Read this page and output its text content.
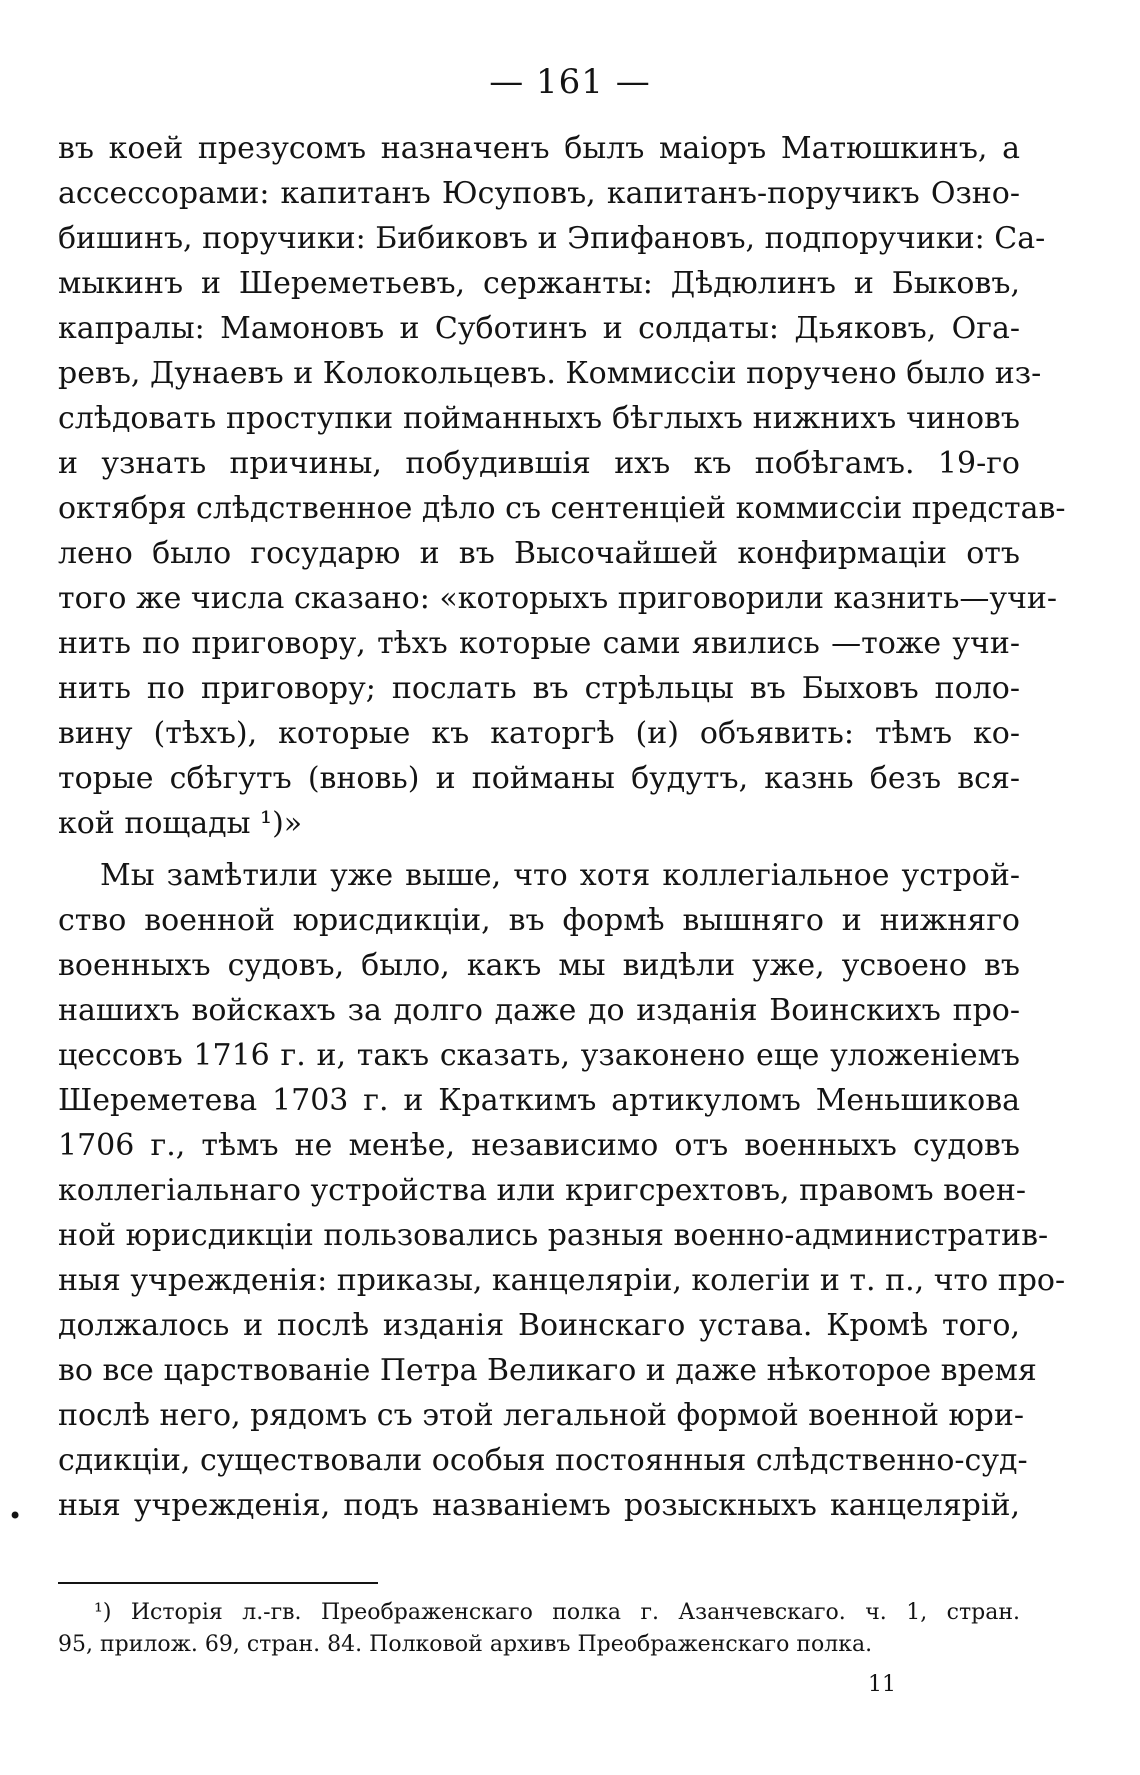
— 161 —
въ коей презусомъ назначенъ былъ маіоръ Матюшкинъ, а
ассессорами: капитанъ Юсуповъ, капитанъ-поручикъ Озно-
бишинъ, поручики: Бибиковъ и Эпифановъ, подпоручики: Са-
мыкинъ и Шереметьевъ, сержанты: Дѣдюлинъ и Быковъ,
капралы: Мамоновъ и Суботинъ и солдаты: Дьяковъ, Ога-
ревъ, Дунаевъ и Колокольцевъ. Коммиссіи поручено было из-
слѣдовать проступки пойманныхъ бѣглыхъ нижнихъ чиновъ
и узнать причины, побудившія ихъ къ побѣгамъ. 19-го
октября слѣдственное дѣло съ сентенціей коммиссіи представ-
лено было государю и въ Высочайшей конфирмаціи отъ
того же числа сказано: «которыхъ приговорили казнить—учи-
нить по приговору, тѣхъ которые сами явились —тоже учи-
нить по приговору; послать въ стрѣльцы въ Быховъ поло-
вину (тѣхъ), которые къ каторгѣ (и) объявить: тѣмъ ко-
торые сбѣгутъ (вновь) и пойманы будутъ, казнь безъ вся-
кой пощады ¹)»
Мы замѣтили уже выше, что хотя коллегіальное устрой-
ство военной юрисдикціи, въ формѣ вышняго и нижняго
военныхъ судовъ, было, какъ мы видѣли уже, усвоено въ
нашихъ войскахъ за долго даже до изданія Воинскихъ про-
цессовъ 1716 г. и, такъ сказать, узаконено еще уложеніемъ
Шереметева 1703 г. и Краткимъ артикуломъ Меньшикова
1706 г., тѣмъ не менѣе, независимо отъ военныхъ судовъ
коллегіальнаго устройства или кригсрехтовъ, правомъ воен-
ной юрисдикціи пользовались разныя военно-административ-
ныя учрежденія: приказы, канцеляріи, колегіи и т. п., что про-
должалось и послѣ изданія Воинскаго устава. Кромѣ того,
во все царствованіе Петра Великаго и даже нѣкоторое время
послѣ него, рядомъ съ этой легальной формой военной юри-
сдикціи, существовали особыя постоянныя слѣдственно-суд-
ныя учрежденія, подъ названіемъ розыскныхъ канцелярій,
•
¹) Исторія л.-гв. Преображенскаго полка г. Азанчевскаго. ч. 1, стран.
95, прилож. 69, стран. 84. Полковой архивъ Преображенскаго полка.
11
